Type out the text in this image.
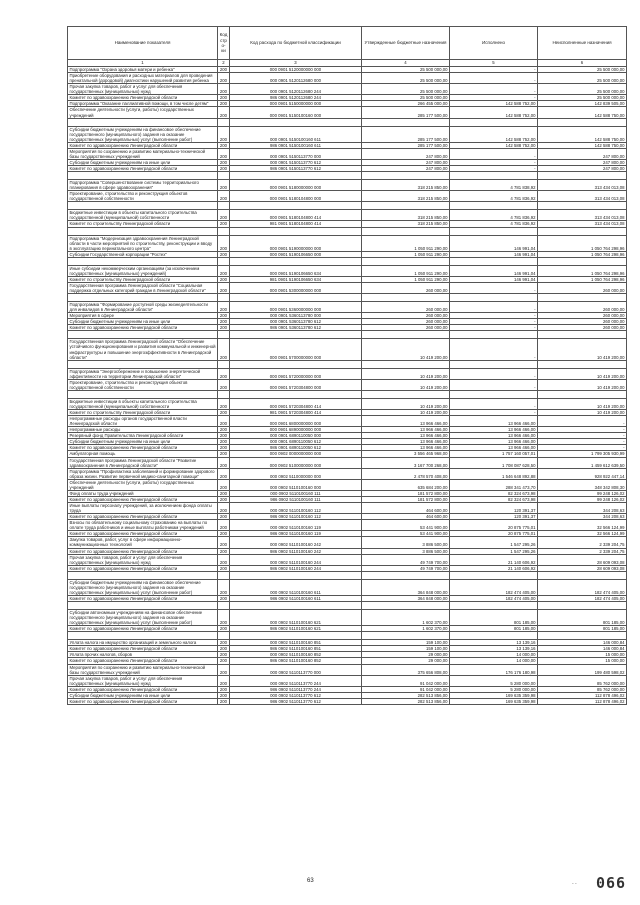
Наименование показателя	Код стро-ки	Код расхода по бюджетной классификации	Утвержденные бюджетные назначения	Исполнено	Неисполненные назначения
1	2	3	4	5	6
Подпрограмма "Охрана здоровья матери и ребенка"	200	000 0901 5120000000 000	25 500 000,00	-	25 500 000,00
Приобретение оборудования и расходных материалов для проведения пренатальной (дородовой) диагностики нарушений развития ребенка	200	000 0901 5120112680 000	25 500 000,00	-	25 500 000,00
Прочая закупка товаров, работ и услуг для обеспечения государственных (муниципальных) нужд	200	000 0901 5120112680 244	25 500 000,00	-	25 500 000,00
Комитет по здравоохранению Ленинградской области	200	986 0901 5120112680 244	25 500 000,00	-	25 500 000,00
Подпрограмма "Оказание паллиативной помощи, в том числе детям"	200	000 0901 5150000000 000	266 455 000,00	142 588 752,00	142 839 505,00
Обеспечение деятельности (услуги, работы) государственных учреждений	200	000 0901 5150100160 000	285 177 500,00	142 588 752,00	142 588 750,00

Субсидии бюджетным учреждениям на финансовое обеспечение государственного (муниципального) задания на оказание государственных (муниципальных) услуг (выполнение работ)	200	000 0901 5150100160 611	285 177 500,00	142 588 752,00	142 588 750,00
Комитет по здравоохранению Ленинградской области	200	986 0901 5150100160 611	285 177 500,00	142 588 752,00	142 588 750,00
Мероприятия по сохранению и развитию материально-технической базы государственных учреждений	200	000 0901 5150113770 000	247 800,00	-	247 800,00
Субсидии бюджетным учреждениям на иные цели	200	000 0901 5150113770 612	247 800,00	-	247 800,00
Комитет по здравоохранению Ленинградской области	200	986 0901 5150113770 612	247 800,00	-	247 800,00

Подпрограмма "Совершенствование системы территориального планирования в сфере здравоохранения"	200	000 0901 5180000000 000	318 215 850,00	4 781 838,92	313 434 013,08
Проектирование, строительство и реконструкция объектов государственной собственности	200	000 0901 5180104800 000	318 215 850,00	4 781 836,92	313 434 013,08

Бюджетные инвестиции в объекты капитального строительства государственной (муниципальной) собственности	200	000 0901 5180104800 414	318 215 850,00	4 781 836,92	313 434 013,08
Комитет по строительству Ленинградской области	200	981 0901 5180104800 414	318 215 850,00	4 781 836,92	313 434 013,08

Подпрограмма "Модернизация здравоохранения Ленинградской области в части мероприятий по строительству, реконструкции и вводу в эксплуатацию перинатального центра"	200	000 0901 5190000000 000	1 050 911 290,00	146 991,04	1 050 764 298,96
Субсидии Государственной корпорации "Ростех"	200	000 0901 5190106650 000	1 050 911 290,00	146 991,04	1 050 764 298,96

Иные субсидии некоммерческим организациям (за исключением государственных (муниципальных) учреждений)	200	000 0901 5190106650 634	1 050 911 290,00	146 991,04	1 050 764 298,96
Комитет по строительству Ленинградской области	200	981 0901 5190106650 634	1 050 911 290,00	146 991,04	1 050 764 298,96
Государственная программа Ленинградской области "Социальная поддержка отдельных категорий граждан в Ленинградской области"	200	000 0901 5300000000 000	260 000,00	-	260 000,00

Подпрограмма "Формирование доступной среды жизнедеятельности для инвалидов в Ленинградской области"	200	000 0901 5360000000 000	260 000,00	-	260 000,00
Мероприятия в сфере	200	000 0901 5360113780 000	260 000,00	-	260 000,00
Субсидии бюджетным учреждениям на иные цели	200	000 0901 5360113780 612	260 000,00	-	260 000,00
Комитет по здравоохранению Ленинградской области	200	986 0901 5360113780 612	260 000,00	-	260 000,00

Государственная программа Ленинградской области "Обеспечение устойчивого функционирования и развития коммунальной и инженерной инфраструктуры и повышение энергоэффективности в Ленинградской области"	200	000 0901 5700000000 000	10 419 200,00	-	10 419 200,00

Подпрограмма "Энергосбережение и повышение энергетической эффективности на территории Ленинградской области"	200	000 0901 5720000000 000	10 419 200,00	-	10 419 200,00
Проектирование, строительство и реконструкция объектов государственной собственности	200	000 0901 5720304800 000	10 419 200,00	-	10 419 200,00

Бюджетные инвестиции в объекты капитального строительства государственной (муниципальной) собственности	200	000 0901 5720304800 414	10 419 200,00	-	10 419 200,00
Комитет по строительству Ленинградской области	200	981 0901 5720304800 414	10 419 200,00	-	10 419 200,00
Непрограммные расходы органов государственной власти Ленинградской области	200	000 0901 6800000000 000	13 966 466,00	13 966 466,00	-
Непрограммные расходы	200	000 0901 6890000000 000	13 966 466,00	13 966 466,00	-
Резервный фонд Правительства Ленинградской области	200	000 0901 6890110050 000	13 966 466,00	13 966 466,00	-
Субсидии бюджетным учреждениям на иные цели	200	000 0901 6890110050 612	13 966 466,00	13 966 466,00	-
Комитет по здравоохранению Ленинградской области	200	986 0901 6890110050 612	13 966 466,00	13 966 466,00	-
Амбулаторная помощь	200	000 0902 0000000000 000	3 556 465 968,00	1 757 160 057,01	1 799 305 930,99
Государственная программа Ленинградской области "Развитие здравоохранения в Ленинградской области"	200	000 0902 5100000000 000	3 167 700 268,00	1 708 087 628,50	1 459 612 639,50
Подпрограмма "Профилактика заболеваний и формирование здорового образа жизни. Развитие первичной медико-санитарной помощи"	200	000 0902 5110000000 000	2 478 570 408,00	1 546 648 892,88	928 922 447,14
Обеспечение деятельности (услуги, работы) государственных учреждений	200	000 0902 5110100160 000	635 684 200,00	288 341 473,70	348 342 808,30
Фонд оплаты труда учреждений	200	000 0902 5110100160 111	181 572 800,00	82 324 673,98	99 248 126,02
Комитет по здравоохранению Ленинградской области	200	986 0902 5110100160 111	181 572 800,00	82 324 673,98	99 248 126,02
Иные выплаты персоналу учреждений, за исключением фонда оплаты труда	200	000 0902 5110100160 112	464 600,00	120 391,37	344 208,63
Комитет по здравоохранению Ленинградской области	200	986 0902 5110100160 112	464 600,00	120 391,37	344 208,63
Взносы по обязательному социальному страхованию на выплаты по оплате труда работников и иные выплаты работникам учреждений	200	000 0902 5110100160 119	53 441 900,00	20 875 775,01	32 566 124,99
Комитет по здравоохранению Ленинградской области	200	986 0902 5110100160 119	53 441 900,00	20 875 775,01	32 566 124,99
Закупка товаров, работ, услуг в сфере информационно-коммуникационных технологий	200	000 0902 5110100160 242	3 886 500,00	1 547 295,26	2 339 204,75
Комитет по здравоохранению Ленинградской области	200	986 0902 5110100160 242	3 886 500,00	1 547 295,26	2 339 204,75
Прочая закупка товаров, работ и услуг для обеспечения государственных (муниципальных) нужд	200	000 0902 5110100160 244	49 749 700,00	21 140 606,92	28 609 093,08
Комитет по здравоохранению Ленинградской области	200	986 0902 5110100160 244	49 749 700,00	21 140 606,92	28 609 093,08

Субсидии бюджетным учреждениям на финансовое обеспечение государственного (муниципального) задания на оказание государственных (муниципальных) услуг (выполнение работ)	200	000 0902 5110100160 611	364 848 000,00	182 474 405,00	182 474 405,00
Комитет по здравоохранению Ленинградской области	200	986 0902 5110100160 611	364 848 000,00	182 474 405,00	182 474 405,00

Субсидии автономным учреждениям на финансовое обеспечение государственного (муниципального) задания на оказание государственных (муниципальных) услуг (выполнение работ)	200	000 0902 5110100160 621	1 602 370,00	801 185,00	801 185,00
Комитет по здравоохранению Ленинградской области	200	986 0902 5110100160 621	1 602 370,00	801 185,00	801 185,00

Уплата налога на имущество организаций и земельного налога	200	000 0902 5110100160 851	159 100,00	13 139,16	146 000,84
Комитет по здравоохранению Ленинградской области	200	986 0902 5110100160 851	159 100,00	13 139,16	146 000,84
Уплата прочих налогов, сборов	200	000 0902 5110100160 852	29 000,00	14 000,00	15 000,00
Комитет по здравоохранению Ленинградской области	200	986 0902 5110100160 852	29 000,00	14 000,00	15 000,00
Мероприятия по сохранению и развитию материально-технической базы государственных учреждений	200	000 0902 5110113770 000	375 656 808,00	176 176 180,98	199 480 598,02
Прочая закупка товаров, работ и услуг для обеспечения государственных (муниципальных) нужд	200	000 0902 5110113770 244	91 042 000,00	5 280 000,00	85 762 000,00
Комитет по здравоохранению Ленинградской области	200	986 0902 5110113770 244	91 042 000,00	5 280 000,00	85 762 000,00
Субсидии бюджетным учреждениям на иные цели	200	000 0902 5110113770 612	282 513 856,00	169 635 359,98	112 878 496,02
Комитет по здравоохранению Ленинградской области	200	986 0902 5110113770 612	282 513 856,00	169 635 359,98	112 878 496,02
63	- - 066
